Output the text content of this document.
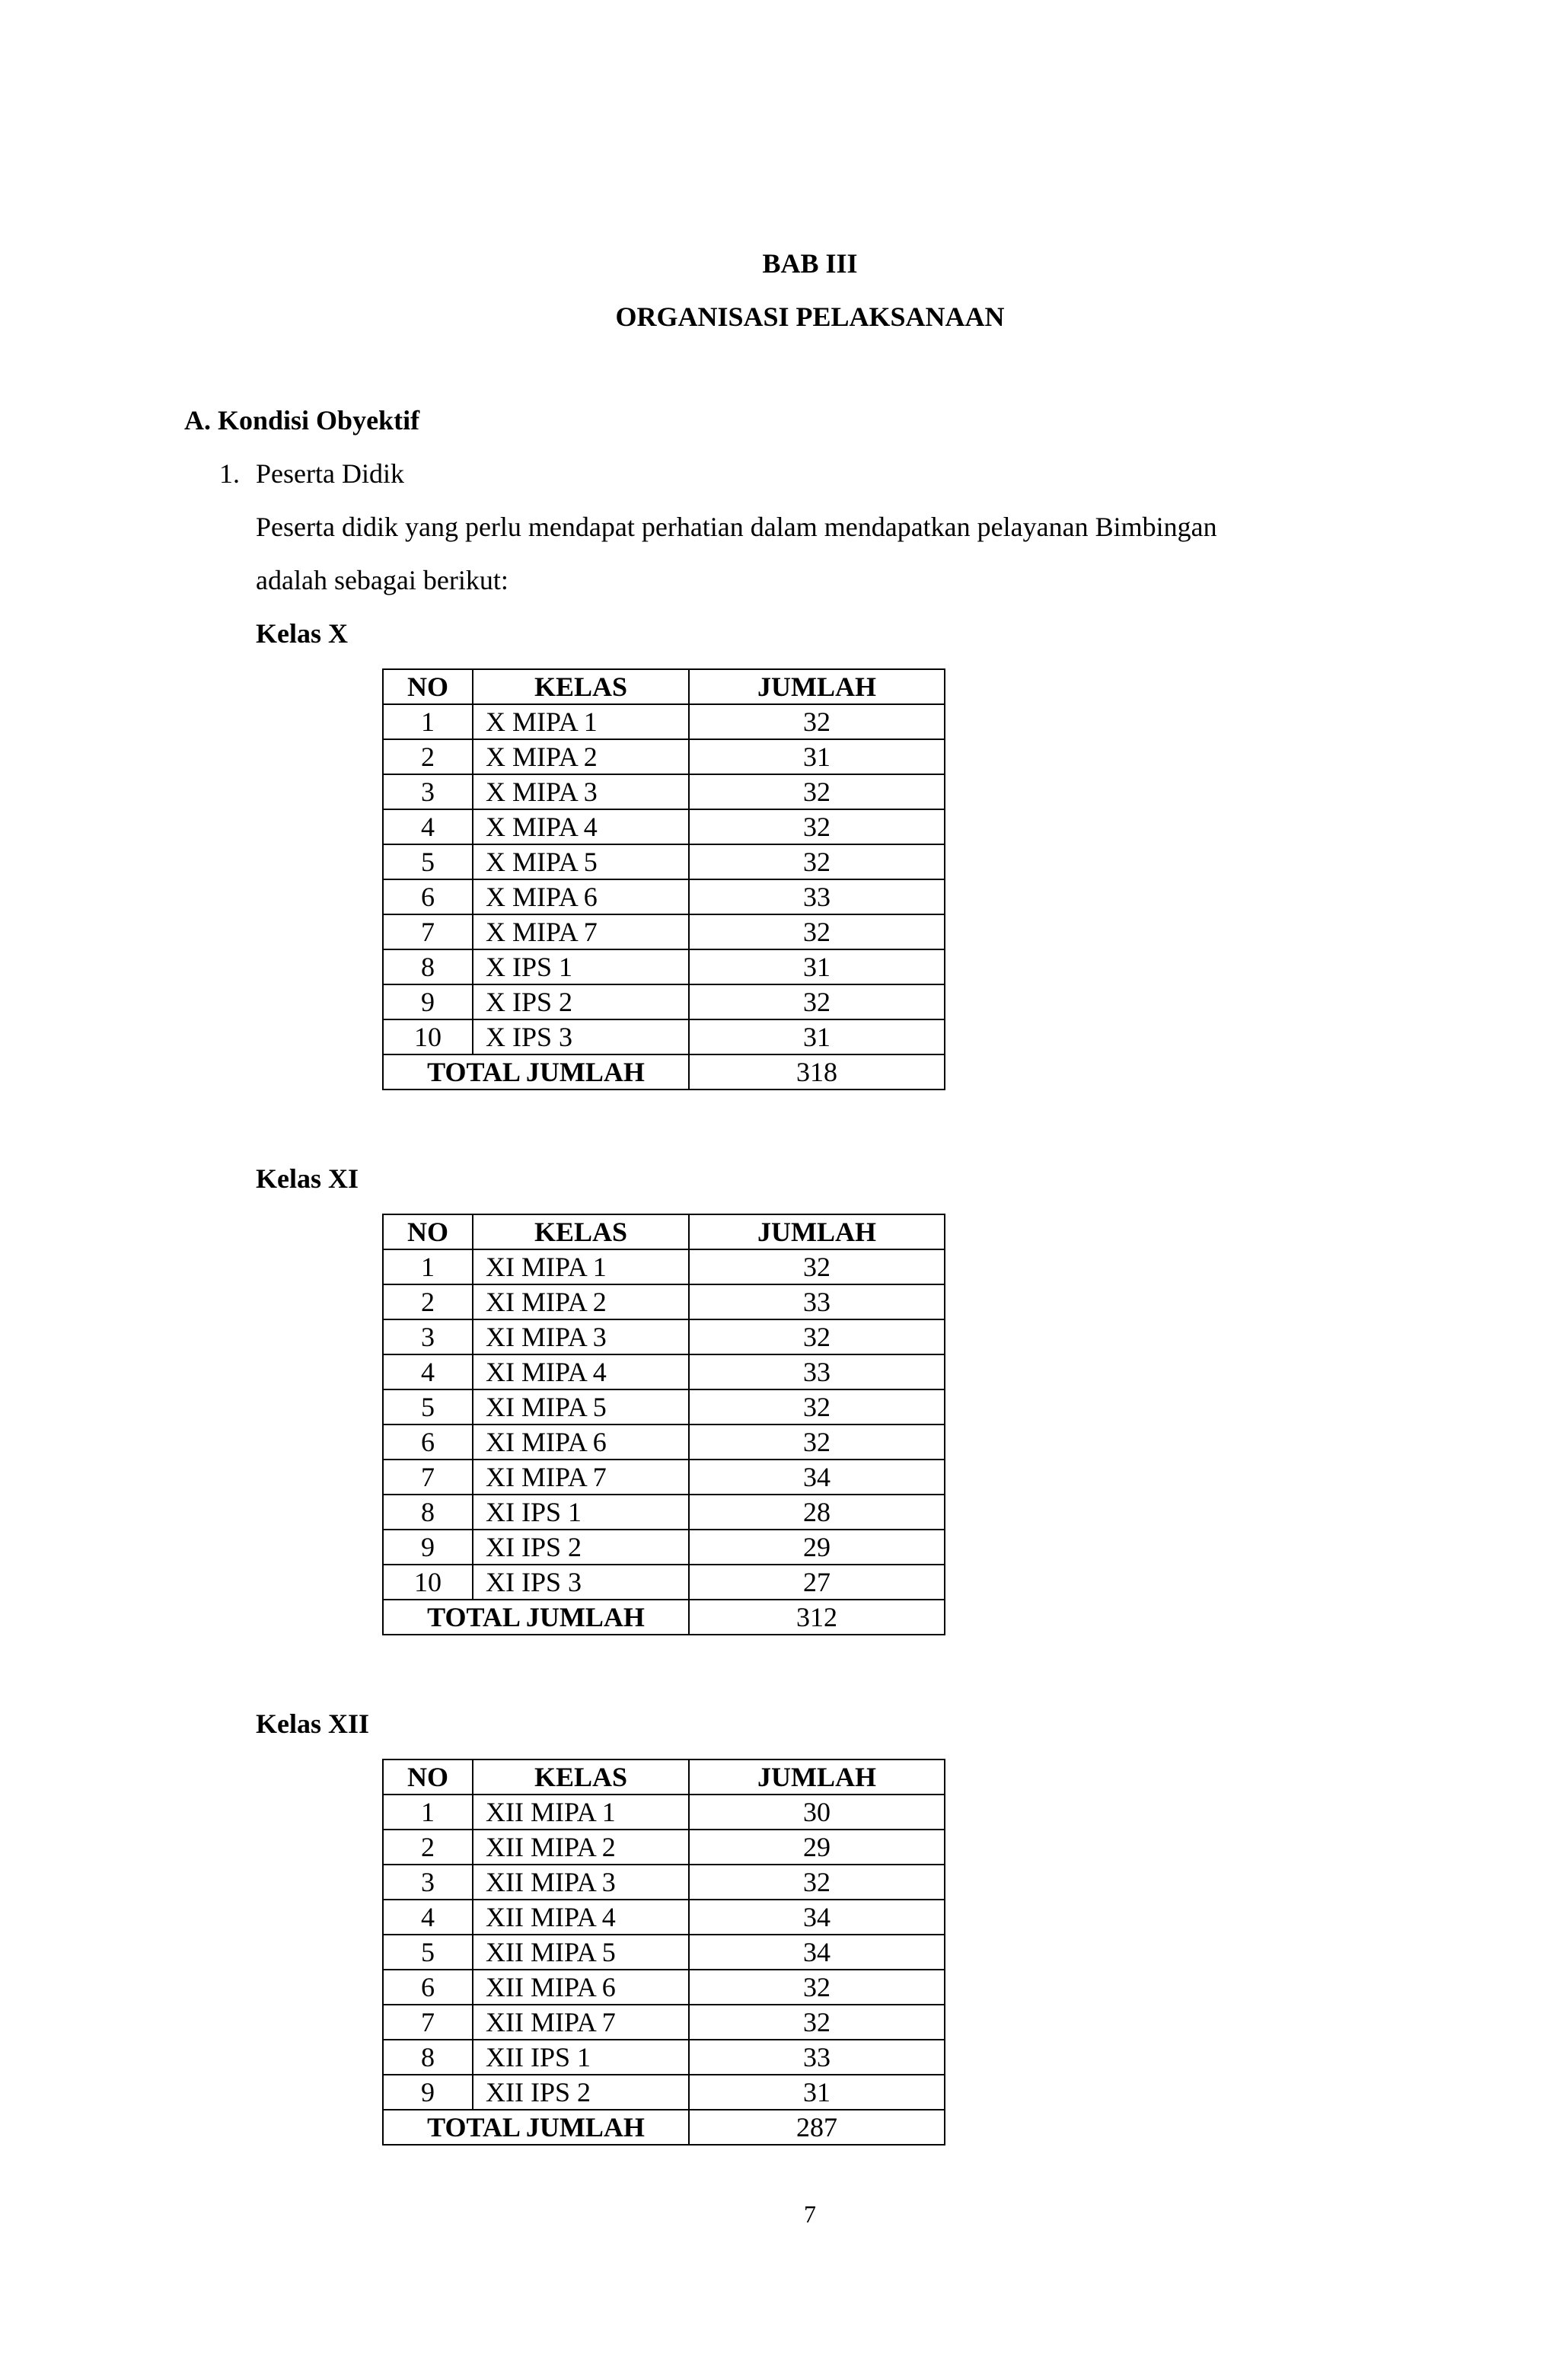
BAB III
ORGANISASI PELAKSANAAN
A. Kondisi Obyektif
1. Peserta Didik
Peserta didik yang perlu mendapat perhatian dalam mendapatkan pelayanan Bimbingan
adalah sebagai berikut:
Kelas X
NO	KELAS	JUMLAH
1	X MIPA 1	32
2	X MIPA 2	31
3	X MIPA 3	32
4	X MIPA 4	32
5	X MIPA 5	32
6	X MIPA 6	33
7	X MIPA 7	32
8	X IPS 1	31
9	X IPS 2	32
10	X IPS 3	31
TOTAL JUMLAH		318
Kelas XI
NO	KELAS	JUMLAH
1	XI MIPA 1	32
2	XI MIPA 2	33
3	XI MIPA 3	32
4	XI MIPA 4	33
5	XI MIPA 5	32
6	XI MIPA 6	32
7	XI MIPA 7	34
8	XI IPS 1	28
9	XI IPS 2	29
10	XI IPS 3	27
TOTAL JUMLAH		312
Kelas XII
NO	KELAS	JUMLAH
1	XII MIPA 1	30
2	XII MIPA 2	29
3	XII MIPA 3	32
4	XII MIPA 4	34
5	XII MIPA 5	34
6	XII MIPA 6	32
7	XII MIPA 7	32
8	XII IPS 1	33
9	XII IPS 2	31
TOTAL JUMLAH		287
7
